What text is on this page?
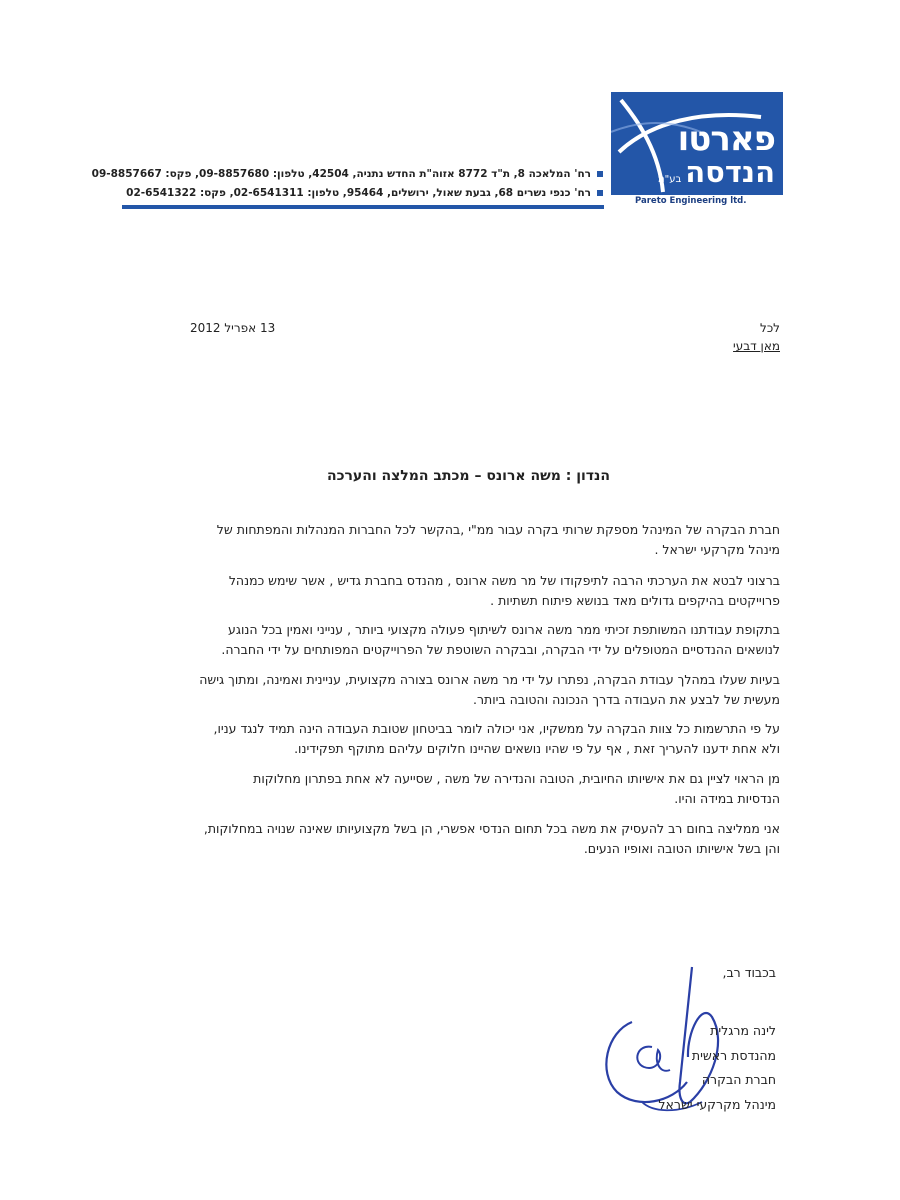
פארטו
הנדסהבע"מ
Pareto Engineering ltd.
רח' המלאכה 8, ת"ד 8772 אזוה"ת החדש נתניה, 42504, טלפון: 09-8857680, פקס: 09-8857667
רח' כנפי נשרים 68, גבעת שאול, ירושלים, 95464, טלפון: 02-6541311, פקס: 02-6541322
13 אפריל 2012	לכל
מאן דבעי
הנדון : משה ארונס – מכתב המלצה והערכה
חברת הבקרה של המינהל מספקת שרותי בקרה עבור ממ"י ,בהקשר לכל החברות המנהלות והמפתחות של
מינהל מקרקעי ישראל .
ברצוני לבטא את הערכתי הרבה לתיפקודו של מר משה ארונס , מהנדס בחברת גדיש , אשר שימש כמנהל
פרוייקטים בהיקפים גדולים מאד בנושא פיתוח תשתיות .
בתקופת עבודתנו המשותפת זכיתי ממר משה ארונס לשיתוף פעולה מקצועי ביותר , ענייני ואמין בכל הנוגע
לנושאים ההנדסיים המטופלים על ידי הבקרה, ובבקרה השוטפת של הפרוייקטים המפותחים על ידי החברה.
בעיות שעלו במהלך עבודת הבקרה, נפתרו על ידי מר משה ארונס בצורה מקצועית, עניינית ואמינה, ומתוך גישה
מעשית של לבצע את העבודה בדרך הנכונה והטובה ביותר.
על פי התרשמות כל צוות הבקרה על ממשקיו, אני יכולה לומר בביטחון שטובת העבודה הינה תמיד לנגד עניו,
ולא אחת ידענו להעריך זאת , אף על פי שהיו נושאים שהיינו חלוקים עליהם מתוקף תפקידינו.
מן הראוי לציין גם את אישיותו החיובית, הטובה והנדירה של משה , שסייעה לא אחת בפתרון מחלוקות
הנדסיות במידה והיו.
אני ממליצה בחום רב להעסיק את משה בכל תחום הנדסי אפשרי, הן בשל מקצועיותו שאינה שנויה במחלוקות,
והן בשל אישיותו הטובה ואופיו הנעים.
בכבוד רב,
לינה מרגלית
מהנדסת ראשית
חברת הבקרה
מינהל מקרקעי ישראל
